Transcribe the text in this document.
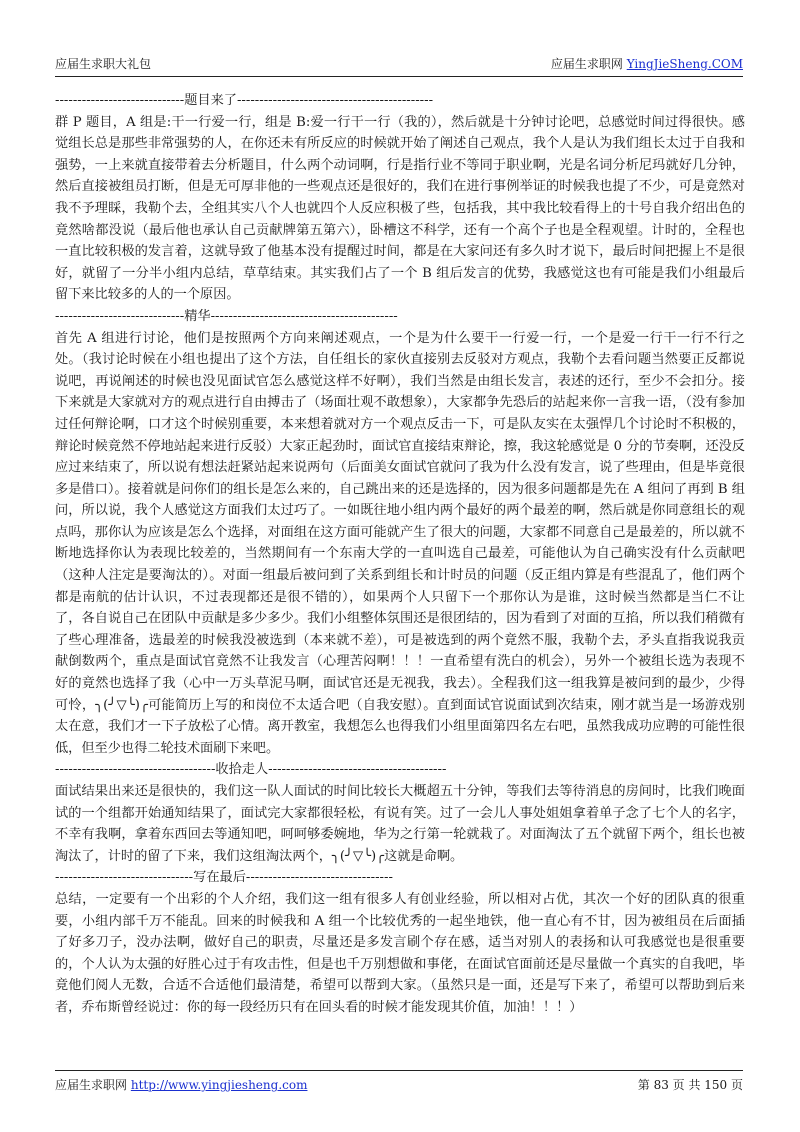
应届生求职大礼包	应届生求职网 YingJieSheng.COM
-----------------------------题目来了--------------------------------------------

群 P 题目，A 组是:干一行爱一行，组是 B:爱一行干一行（我的），然后就是十分钟讨论吧，总感觉时间过得很快。感觉组长总是那些非常强势的人，在你还未有所反应的时候就开始了阐述自己观点，我个人是认为我们组长太过于自我和强势，一上来就直接带着去分析题目，什么两个动词啊，行是指行业不等同于职业啊，光是名词分析尼玛就好几分钟，然后直接被组员打断，但是无可厚非他的一些观点还是很好的，我们在进行事例举证的时候我也提了不少，可是竟然对我不予理睬，我勒个去，全组其实八个人也就四个人反应积极了些，包括我，其中我比较看得上的十号自我介绍出色的竟然啥都没说（最后他也承认自己贡献牌第五第六），卧槽这不科学，还有一个高个子也是全程观望。计时的，全程也一直比较积极的发言着，这就导致了他基本没有提醒过时间，都是在大家问还有多久时才说下，最后时间把握上不是很好，就留了一分半小组内总结，草草结束。其实我们占了一个 B 组后发言的优势，我感觉这也有可能是我们小组最后留下来比较多的人的一个原因。

-----------------------------精华------------------------------------------

首先 A 组进行讨论，他们是按照两个方向来阐述观点，一个是为什么要干一行爱一行，一个是爱一行干一行不行之处。（我讨论时候在小组也提出了这个方法，自任组长的家伙直接别去反驳对方观点，我勒个去看问题当然要正反都说说吧，再说阐述的时候也没见面试官怎么感觉这样不好啊），我们当然是由组长发言，表述的还行，至少不会扣分。接下来就是大家就对方的观点进行自由搏击了（场面壮观不敢想象），大家都争先恐后的站起来你一言我一语，（没有参加过任何辩论啊，口才这个时候别重要，本来想着就对方一个观点反击一下，可是队友实在太强悍几个讨论时不积极的，辩论时候竟然不停地站起来进行反驳）大家正起劲时，面试官直接结束辩论，擦，我这轮感觉是 0 分的节奏啊，还没反应过来结束了，所以说有想法赶紧站起来说两句（后面美女面试官就问了我为什么没有发言，说了些理由，但是毕竟很多是借口）。接着就是问你们的组长是怎么来的，自己跳出来的还是选择的，因为很多问题都是先在 A 组问了再到 B 组问，所以说，我个人感觉这方面我们太过巧了。一如既往地小组内两个最好的两个最差的啊，然后就是你同意组长的观点吗，那你认为应该是怎么个选择，对面组在这方面可能就产生了很大的问题，大家都不同意自己是最差的，所以就不断地选择你认为表现比较差的，当然期间有一个东南大学的一直叫选自己最差，可能他认为自己确实没有什么贡献吧（这种人注定是要淘汰的）。对面一组最后被问到了关系到组长和计时员的问题（反正组内算是有些混乱了，他们两个都是南航的估计认识，不过表现都还是很不错的），如果两个人只留下一个那你认为是谁，这时候当然都是当仁不让了，各自说自己在团队中贡献是多少多少。我们小组整体氛围还是很团结的，因为看到了对面的互掐，所以我们稍微有了些心理准备，选最差的时候我没被选到（本来就不差），可是被选到的两个竟然不服，我勒个去，矛头直指我说我贡献倒数两个，重点是面试官竟然不让我发言（心理苦闷啊！！！一直希望有洗白的机会），另外一个被组长选为表现不好的竟然也选择了我（心中一万头草泥马啊，面试官还是无视我，我去）。全程我们这一组我算是被问到的最少，少得可怜，╮(╯▽╰)╭可能简历上写的和岗位不太适合吧（自我安慰）。直到面试官说面试到次结束，刚才就当是一场游戏别太在意，我们才一下子放松了心情。离开教室，我想怎么也得我们小组里面第四名左右吧，虽然我成功应聘的可能性很低，但至少也得二轮技术面刷下来吧。

------------------------------------收拾走人----------------------------------------

面试结果出来还是很快的，我们这一队人面试的时间比较长大概超五十分钟，等我们去等待消息的房间时，比我们晚面试的一个组都开始通知结果了，面试完大家都很轻松，有说有笑。过了一会儿人事处姐姐拿着单子念了七个人的名字，不幸有我啊，拿着东西回去等通知吧，呵呵够委婉地，华为之行第一轮就栽了。对面淘汰了五个就留下两个，组长也被淘汰了，计时的留了下来，我们这组淘汰两个，╮(╯▽╰)╭这就是命啊。

-------------------------------写在最后---------------------------------

总结，一定要有一个出彩的个人介绍，我们这一组有很多人有创业经验，所以相对占优，其次一个好的团队真的很重要，小组内部千万不能乱。回来的时候我和 A 组一个比较优秀的一起坐地铁，他一直心有不甘，因为被组员在后面插了好多刀子，没办法啊，做好自己的职责，尽量还是多发言刷个存在感，适当对别人的表扬和认可我感觉也是很重要的，个人认为太强的好胜心过于有攻击性，但是也千万别想做和事佬，在面试官面前还是尽量做一个真实的自我吧，毕竟他们阅人无数，合适不合适他们最清楚，希望可以帮到大家。（虽然只是一面，还是写下来了，希望可以帮助到后来者，乔布斯曾经说过：你的每一段经历只有在回头看的时候才能发现其价值，加油！！！）

应届生求职网 http://www.yingjiesheng.com	第 83 页 共 150 页
